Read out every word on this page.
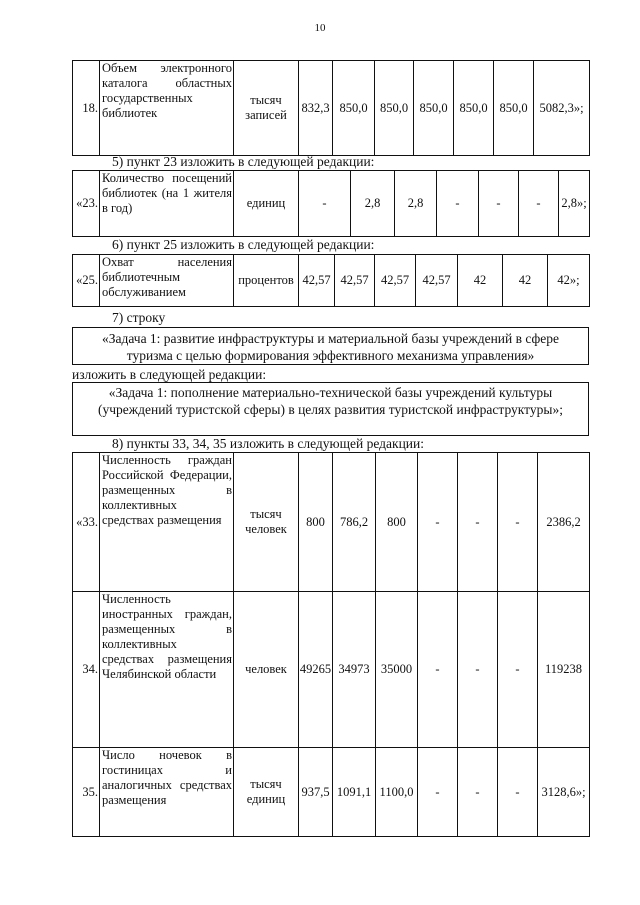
10
18.	Объем электронного каталога областных государственных библиотек	тысяч записей	832,3	850,0	850,0	850,0	850,0	850,0	5082,3»;
5) пункт 23 изложить в следующей редакции:
«23.	Количество посещений библиотек (на 1 жителя в год)	единиц	-	2,8	2,8	-	-	-	2,8»;
6) пункт 25 изложить в следующей редакции:
«25.	Охват населения библиотечным обслуживанием	процентов	42,57	42,57	42,57	42,57	42	42	42»;
7) строку
«Задача 1: развитие инфраструктуры и материальной базы учреждений в сфере туризма с целью формирования эффективного механизма управления»
изложить в следующей редакции:
«Задача 1: пополнение материально-технической базы учреждений культуры (учреждений туристской сферы) в целях развития туристской инфраструктуры»;
8) пункты 33, 34, 35 изложить в следующей редакции:
«33.	Численность граждан Российской Федерации, размещенных в коллективных средствах размещения	тысяч человек	800	786,2	800	-	-	-	2386,2
34.	Численность иностранных граждан, размещенных в коллективных средствах размещения Челябинской области	человек	49265	34973	35000	-	-	-	119238
35.	Число ночевок в гостиницах и аналогичных средствах размещения	тысяч единиц	937,5	1091,1	1100,0	-	-	-	3128,6»;
